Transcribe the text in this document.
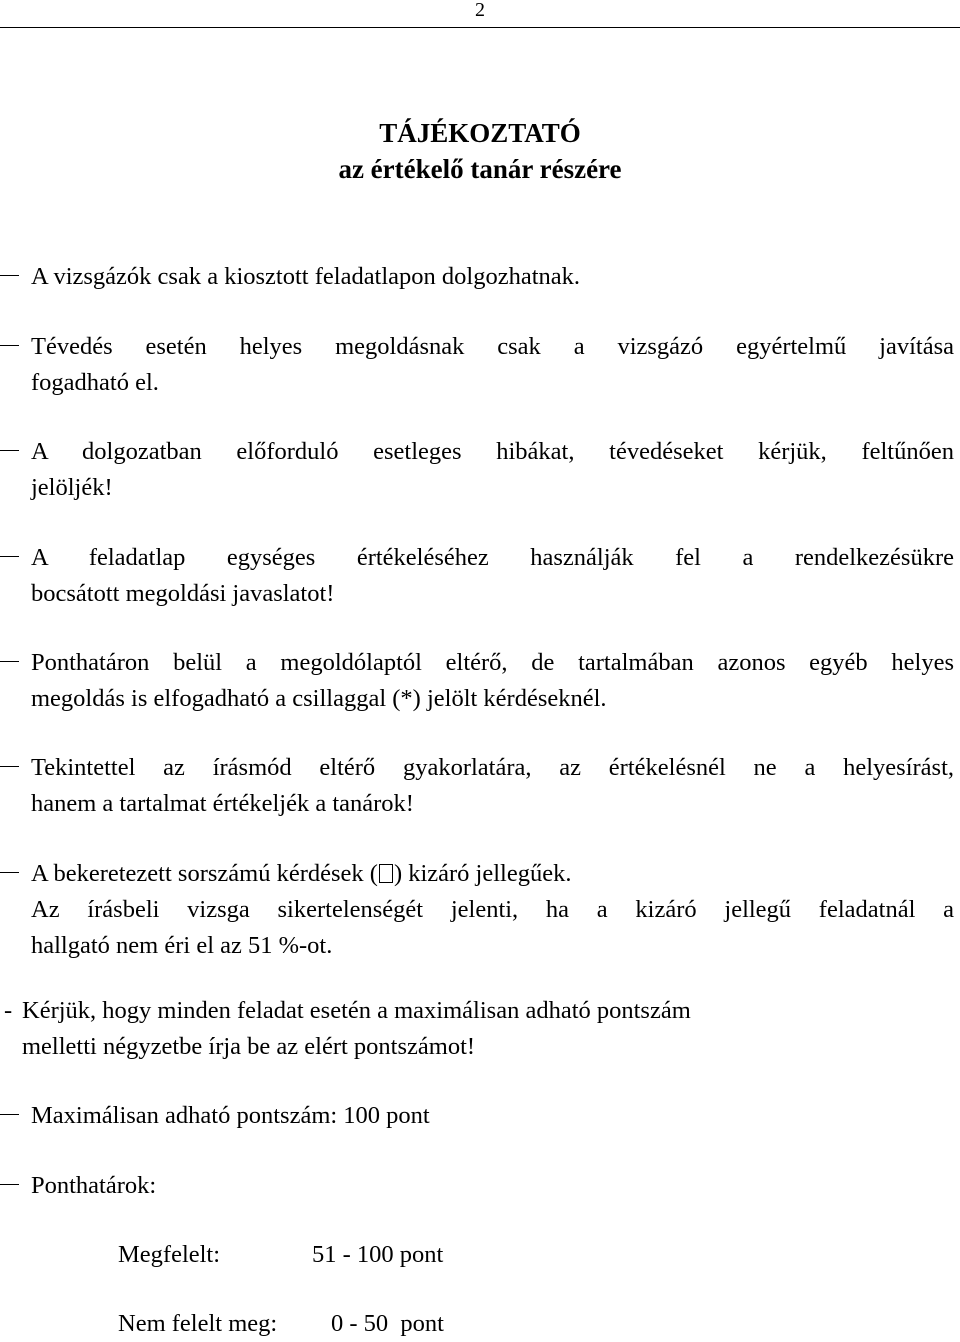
2
TÁJÉKOZTATÓ
az értékelő tanár részére
A vizsgázók csak a kiosztott feladatlapon dolgozhatnak.
Tévedés esetén helyes megoldásnak csak a vizsgázó egyértelmű javítása
fogadható el.
A dolgozatban előforduló esetleges hibákat, tévedéseket kérjük, feltűnően
jelöljék!
A feladatlap egységes értékeléséhez használják fel a rendelkezésükre
bocsátott megoldási javaslatot!
Ponthatáron belül a megoldólaptól eltérő, de tartalmában azonos egyéb helyes
megoldás is elfogadható a csillaggal (*) jelölt kérdéseknél.
Tekintettel az írásmód eltérő gyakorlatára, az értékelésnél ne a helyesírást,
hanem a tartalmat értékeljék a tanárok!
A bekeretezett sorszámú kérdések ( ) kizáró jellegűek.
Az írásbeli vizsga sikertelenségét jelenti, ha a kizáró jellegű feladatnál a
hallgató nem éri el az 51 %-ot.
- Kérjük, hogy minden feladat esetén a maximálisan adható pontszám
melletti négyzetbe írja be az elért pontszámot!
Maximálisan adható pontszám: 100 pont
Ponthatárok:
Megfelelt:	51 - 100 pont
Nem felelt meg: 0 - 50  pont
